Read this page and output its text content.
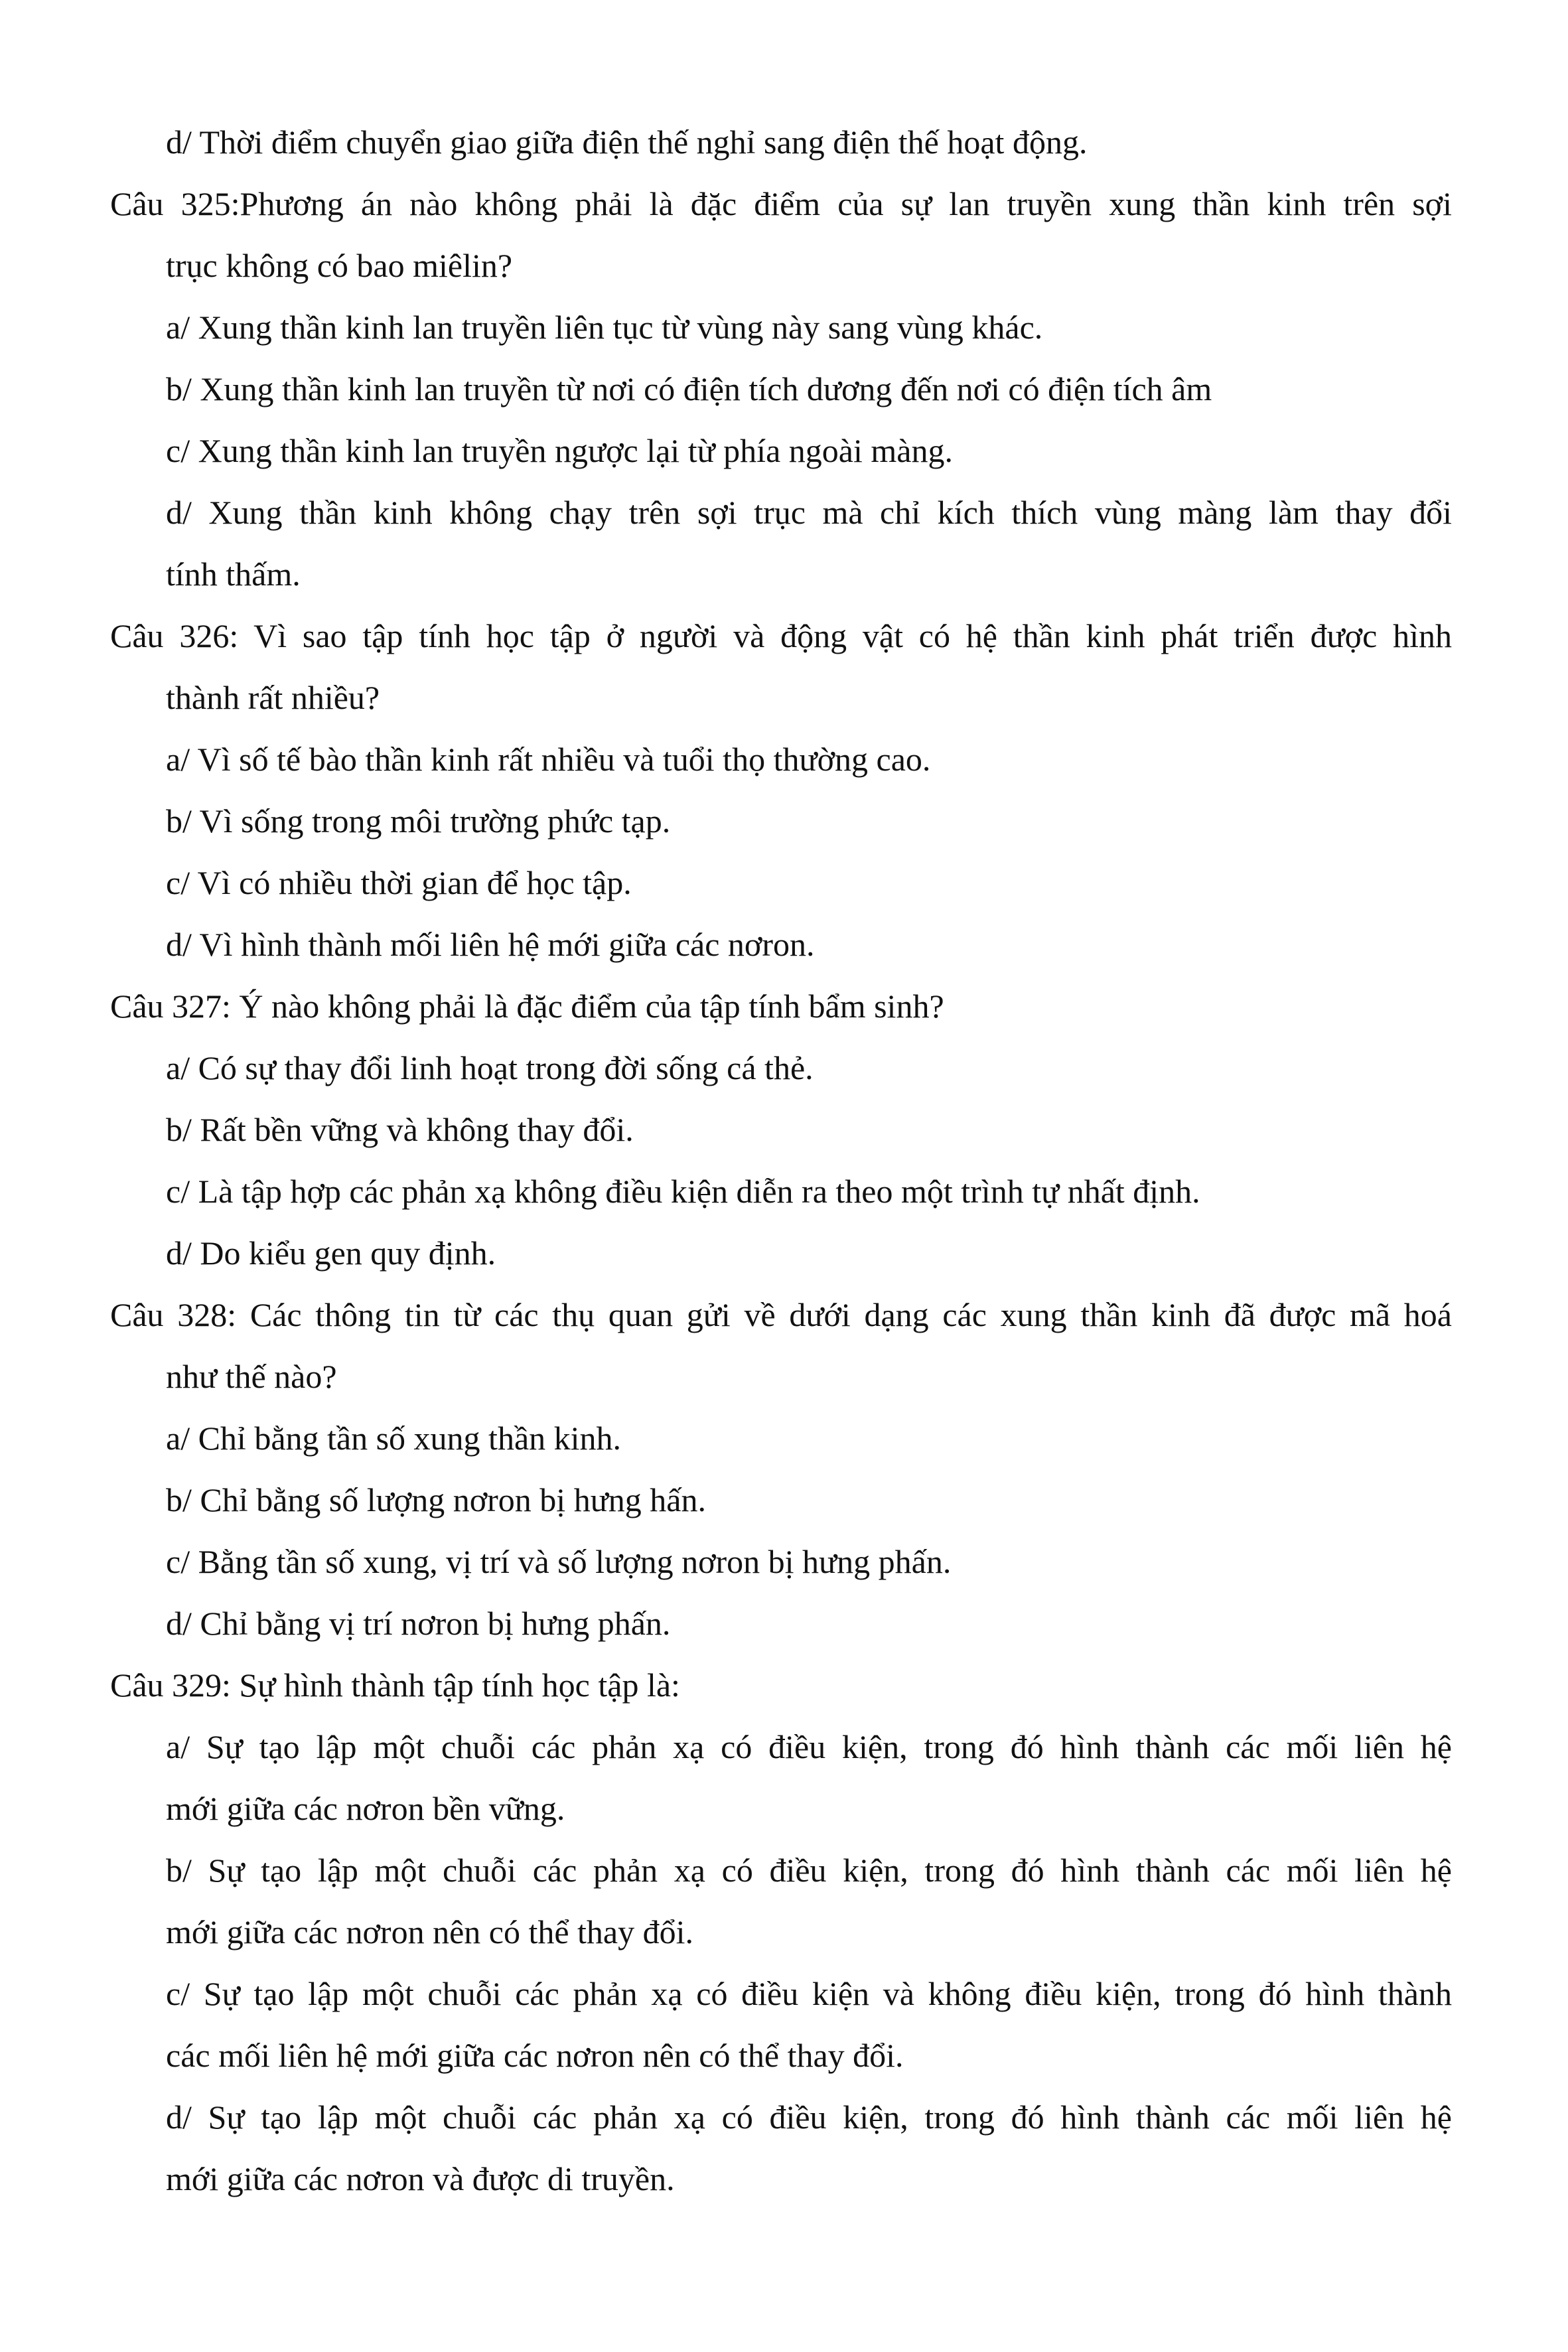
d/ Thời điểm chuyển giao giữa điện thế nghỉ sang điện thế hoạt động.
Câu 325:Phương án nào không phải là đặc điểm của sự lan truyền xung thần kinh trên sợi
trục không có bao miêlin?
a/ Xung thần kinh lan truyền liên tục từ vùng này sang vùng khác.
b/ Xung thần kinh lan truyền từ nơi có điện tích dương đến nơi có điện tích âm
c/ Xung thần kinh lan truyền ngược lại từ phía ngoài màng.
d/ Xung thần kinh không chạy trên sợi trục mà chỉ kích thích vùng màng làm thay đổi
tính thấm.
Câu 326: Vì sao tập tính học tập ở người và động vật có hệ thần kinh phát triển được hình
thành rất nhiều?
a/ Vì số tế bào thần kinh rất nhiều và tuổi thọ thường cao.
b/ Vì sống trong môi trường phức tạp.
c/ Vì có nhiều thời gian để học tập.
d/ Vì hình thành mối liên hệ mới giữa các nơron.
Câu 327: Ý nào không phải là đặc điểm của tập tính bẩm sinh?
a/ Có sự thay đổi linh hoạt trong đời sống cá thẻ.
b/ Rất bền vững và không thay đổi.
c/ Là tập hợp các phản xạ không điều kiện diễn ra theo một trình tự nhất định.
d/ Do kiểu gen quy định.
Câu 328: Các thông tin từ các thụ quan gửi về dưới dạng các xung thần kinh đã được mã hoá
như thế nào?
a/ Chỉ bằng tần số xung thần kinh.
b/ Chỉ bằng số lượng nơron bị hưng hấn.
c/ Bằng tần số xung, vị trí và số lượng nơron bị hưng phấn.
d/ Chỉ bằng vị trí nơron bị hưng phấn.
Câu 329: Sự hình thành tập tính học tập là:
a/ Sự tạo lập một chuỗi các phản xạ có điều kiện, trong đó hình thành các mối liên hệ
mới giữa các nơron bền vững.
b/ Sự tạo lập một chuỗi các phản xạ có điều kiện, trong đó hình thành các mối liên hệ
mới giữa các nơron nên có thể thay đổi.
c/ Sự tạo lập một chuỗi các phản xạ có điều kiện và không điều kiện, trong đó hình thành
các mối liên hệ mới giữa các nơron nên có thể thay đổi.
d/ Sự tạo lập một chuỗi các phản xạ có điều kiện, trong đó hình thành các mối liên hệ
mới giữa các nơron và được di truyền.
